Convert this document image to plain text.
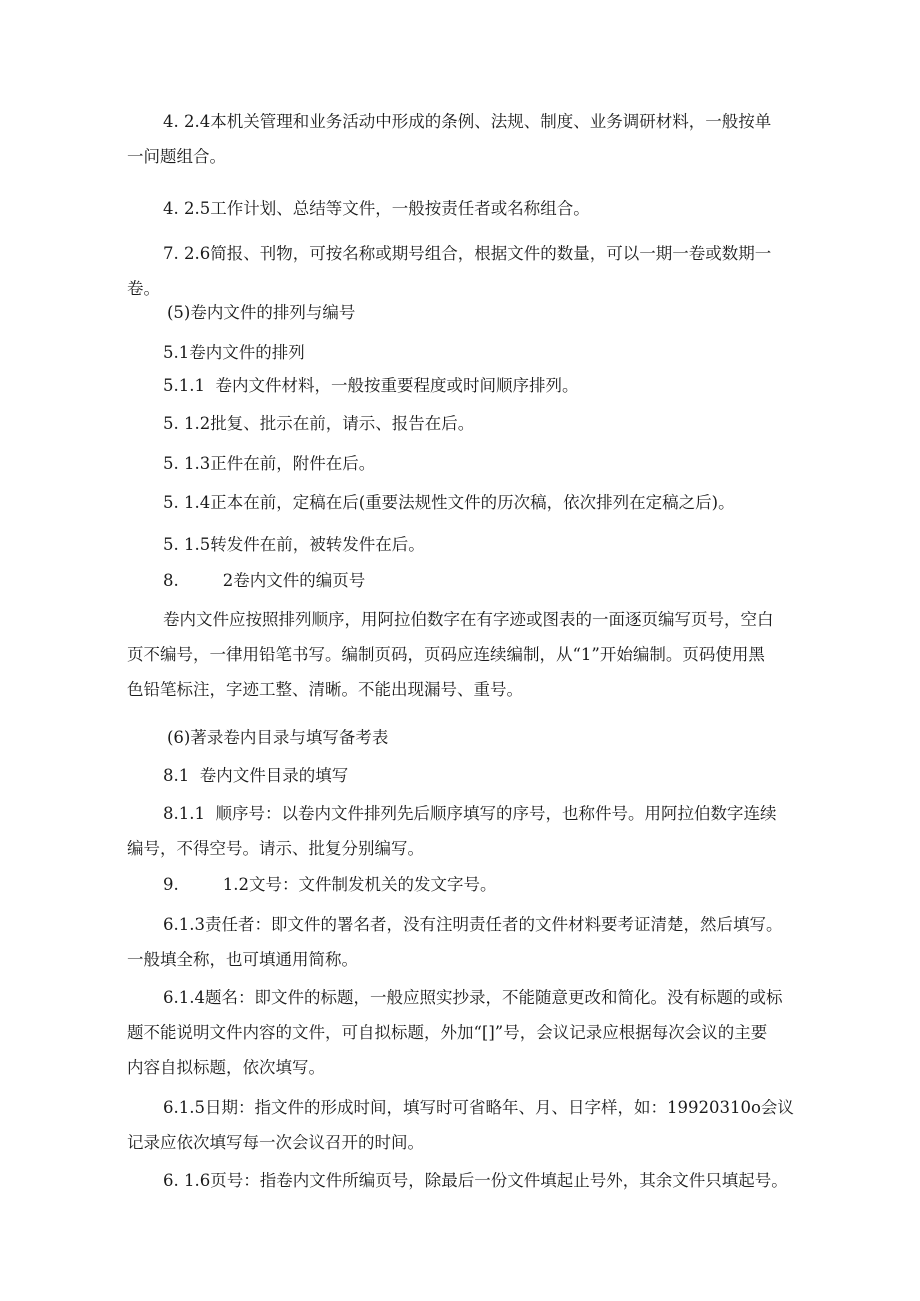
4. 2.4本机关管理和业务活动中形成的条例、法规、制度、业务调研材料，一般按单
一问题组合。
4. 2.5工作计划、总结等文件，一般按责任者或名称组合。
7. 2.6简报、刊物，可按名称或期号组合，根据文件的数量，可以一期一卷或数期一
卷。
(5)卷内文件的排列与编号
5.1卷内文件的排列
5.1.1  卷内文件材料，一般按重要程度或时间顺序排列。
5. 1.2批复、批示在前，请示、报告在后。
5. 1.3正件在前，附件在后。
5. 1.4正本在前，定稿在后(重要法规性文件的历次稿，依次排列在定稿之后)。
5. 1.5转发件在前，被转发件在后。
8.	2卷内文件的编页号
卷内文件应按照排列顺序，用阿拉伯数字在有字迹或图表的一面逐页编写页号，空白
页不编号，一律用铅笔书写。编制页码，页码应连续编制，从“1”开始编制。页码使用黑
色铅笔标注，字迹工整、清晰。不能出现漏号、重号。
(6)著录卷内目录与填写备考表
8.1  卷内文件目录的填写
8.1.1  顺序号：以卷内文件排列先后顺序填写的序号，也称件号。用阿拉伯数字连续
编号，不得空号。请示、批复分别编写。
9.	1.2文号：文件制发机关的发文字号。
6.1.3责任者：即文件的署名者，没有注明责任者的文件材料要考证清楚，然后填写。
一般填全称，也可填通用简称。
6.1.4题名：即文件的标题，一般应照实抄录，不能随意更改和简化。没有标题的或标
题不能说明文件内容的文件，可自拟标题，外加“[]”号，会议记录应根据每次会议的主要
内容自拟标题，依次填写。
6.1.5日期：指文件的形成时间，填写时可省略年、月、日字样，如：19920310o会议
记录应依次填写每一次会议召开的时间。
6. 1.6页号：指卷内文件所编页号，除最后一份文件填起止号外，其余文件只填起号。
